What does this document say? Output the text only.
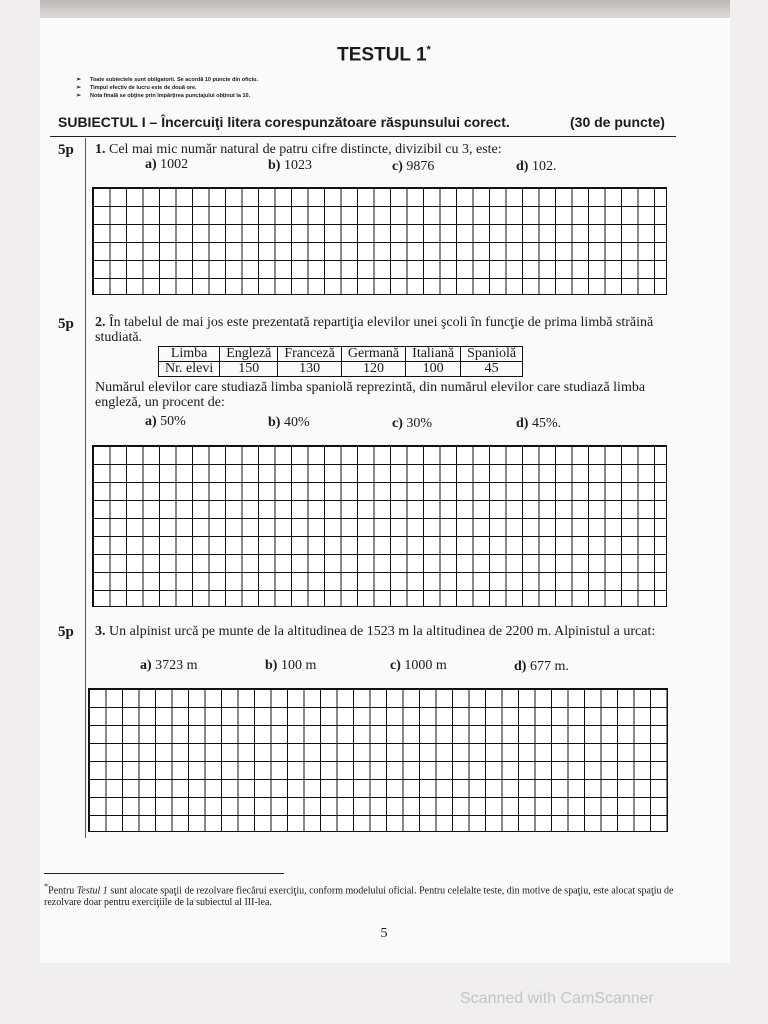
TESTUL 1*
➢ Toate subiectele sunt obligatorii. Se acordă 10 puncte din oficiu.
➢ Timpul efectiv de lucru este de două ore.
➢ Nota finală se obţine prin împărţirea punctajului obţinut la 10.
SUBIECTUL I – Încercuiţi litera corespunzătoare răspunsului corect.	(30 de puncte)
5p 1. Cel mai mic număr natural de patru cifre distincte, divizibil cu 3, este:
a) 1002	b) 1023	c) 9876	d) 102.
5p 2. În tabelul de mai jos este prezentată repartiţia elevilor unei şcoli în funcţie de prima limbă străină studiată.
Limba	Engleză	Franceză	Germană	Italiană	Spaniolă
Nr. elevi	150	130	120	100	45
Numărul elevilor care studiază limba spaniolă reprezintă, din numărul elevilor care studiază limba engleză, un procent de:
a) 50%	b) 40%	c) 30%	d) 45%.
5p 3. Un alpinist urcă pe munte de la altitudinea de 1523 m la altitudinea de 2200 m. Alpinistul a urcat:
a) 3723 m	b) 100 m	c) 1000 m	d) 677 m.
*Pentru Testul 1 sunt alocate spaţii de rezolvare fiecărui exerciţiu, conform modelului oficial. Pentru celelalte teste, din motive de spaţiu, este alocat spaţiu de rezolvare doar pentru exerciţiile de la subiectul al III-lea.
5
Scanned with CamScanner
